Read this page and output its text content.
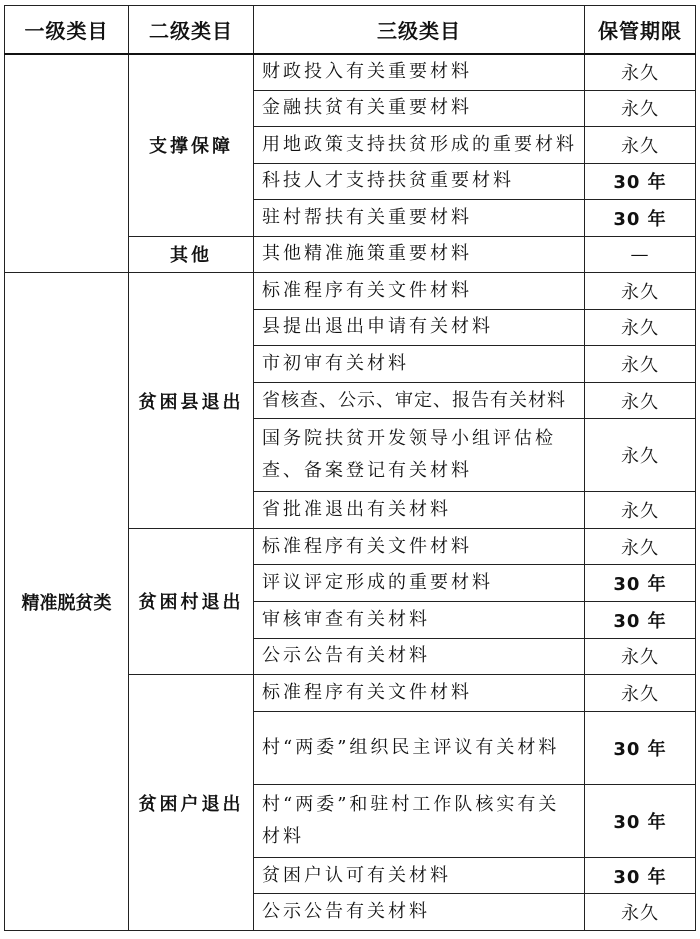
一级类目	二级类目	三级类目	保管期限
	支撑保障	财政投入有关重要材料	永久
		金融扶贫有关重要材料	永久
		用地政策支持扶贫形成的重要材料	永久
		科技人才支持扶贫重要材料	30 年
		驻村帮扶有关重要材料	30 年
	其他	其他精准施策重要材料	—
精准脱贫类	贫困县退出	标准程序有关文件材料	永久
		县提出退出申请有关材料	永久
		市初审有关材料	永久
		省核查、公示、审定、报告有关材料	永久
		国务院扶贫开发领导小组评估检查、备案登记有关材料	永久
		省批准退出有关材料	永久
	贫困村退出	标准程序有关文件材料	永久
		评议评定形成的重要材料	30 年
		审核审查有关材料	30 年
		公示公告有关材料	永久
	贫困户退出	标准程序有关文件材料	永久
		村“两委”组织民主评议有关材料	30 年
		村“两委”和驻村工作队核实有关材料	30 年
		贫困户认可有关材料	30 年
		公示公告有关材料	永久
